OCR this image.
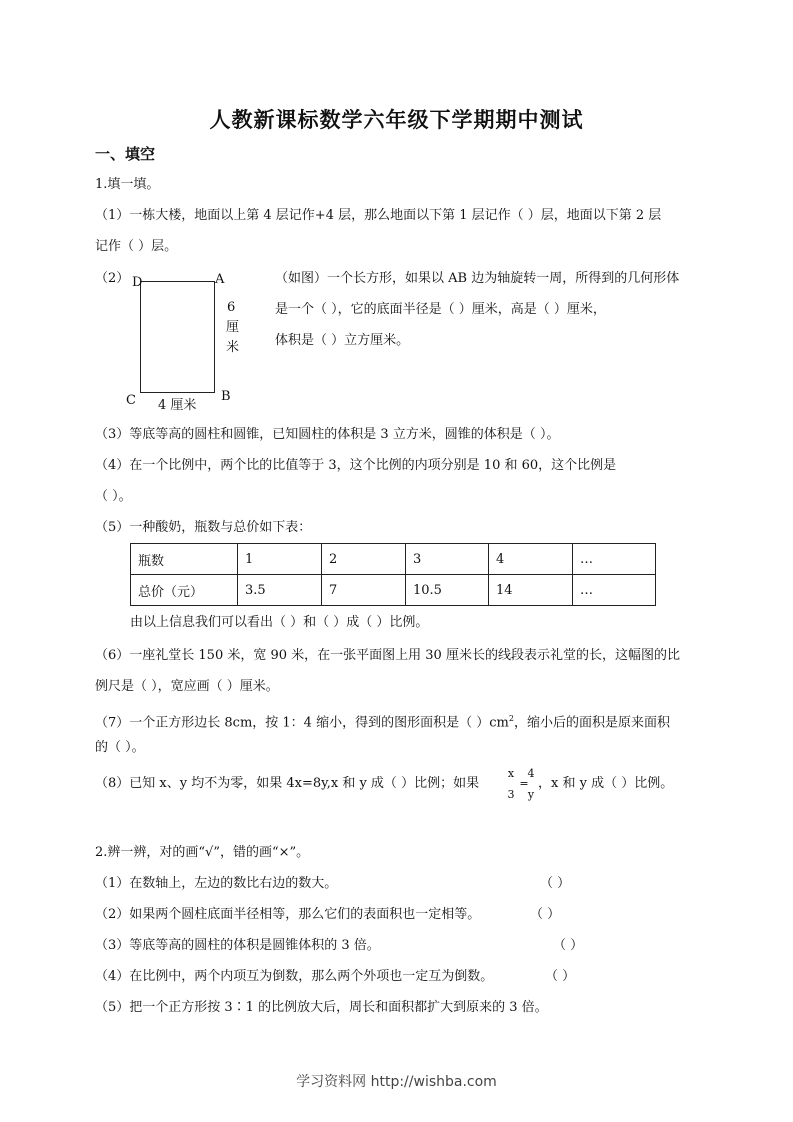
人教新课标数学六年级下学期期中测试
一、填空
1.填一填。
（1）一栋大楼，地面以上第 4 层记作+4 层，那么地面以下第 1 层记作（ ）层，地面以下第 2 层
记作（ ）层。
（2） D	A
B
C
6
厘
米
4 厘米
（如图）一个长方形，如果以 AB 边为轴旋转一周，所得到的几何形体
是一个（ ），它的底面半径是（ ）厘米，高是（ ）厘米，
体积是（ ）立方厘米。
（3）等底等高的圆柱和圆锥，已知圆柱的体积是 3 立方米，圆锥的体积是（ ）。
（4）在一个比例中，两个比的比值等于 3，这个比例的内项分别是 10 和 60，这个比例是
（ ）。
（5）一种酸奶，瓶数与总价如下表：
瓶数	1	2	3	4	…
总价（元）	3.5	7	10.5	14	…
由以上信息我们可以看出（ ）和（ ）成（ ）比例。
（6）一座礼堂长 150 米，宽 90 米，在一张平面图上用 30 厘米长的线段表示礼堂的长，这幅图的比
例尺是（ ），宽应画（ ）厘米。
（7）一个正方形边长 8cm，按 1：4 缩小，得到的图形面积是（ ）$cm^2$，缩小后的面积是原来面积
的（ ）。
（8）已知 x、y 均不为零，如果 4x=8y,x 和 y 成（ ）比例；如果
x
3
=
4
y
，x 和 y 成（ ）比例。
2.辨一辨，对的画“√”，错的画“×”。
（1）在数轴上，左边的数比右边的数大。	（ ）
（2）如果两个圆柱底面半径相等，那么它们的表面积也一定相等。	（ ）
（3）等底等高的圆柱的体积是圆锥体积的 3 倍。	（ ）
（4）在比例中，两个内项互为倒数，那么两个外项也一定互为倒数。	（ ）
（5）把一个正方形按 3∶1 的比例放大后，周长和面积都扩大到原来的 3 倍。
学习资料网 http://wishba.com
